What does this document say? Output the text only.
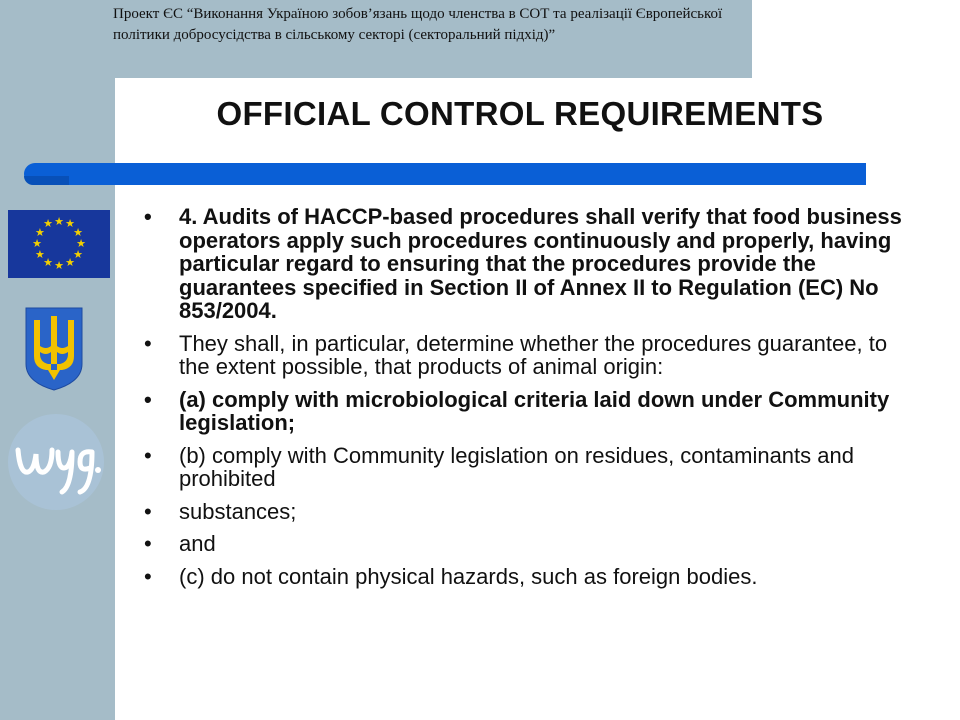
Проект ЄС “Виконання Україною зобов’язань щодо членства в СОТ та реалізації Європейської політики добросусідства в сільському секторі (секторальний підхід)”
OFFICIAL CONTROL REQUIREMENTS
★ ★
★
★
★
★
★
★
★
★
★
★	• 4. Audits of HACCP-based procedures shall verify that food business operators apply such procedures continuously and properly, having particular regard to ensuring that the procedures provide the guarantees specified in Section II of Annex II to Regulation (EC) No 853/2004.
• They shall, in particular, determine whether the procedures guarantee, to the extent possible, that products of animal origin:
• (a) comply with microbiological criteria laid down under Community legislation;
• (b) comply with Community legislation on residues, contaminants and prohibited
• substances;
• and
• (c) do not contain physical hazards, such as foreign bodies.
